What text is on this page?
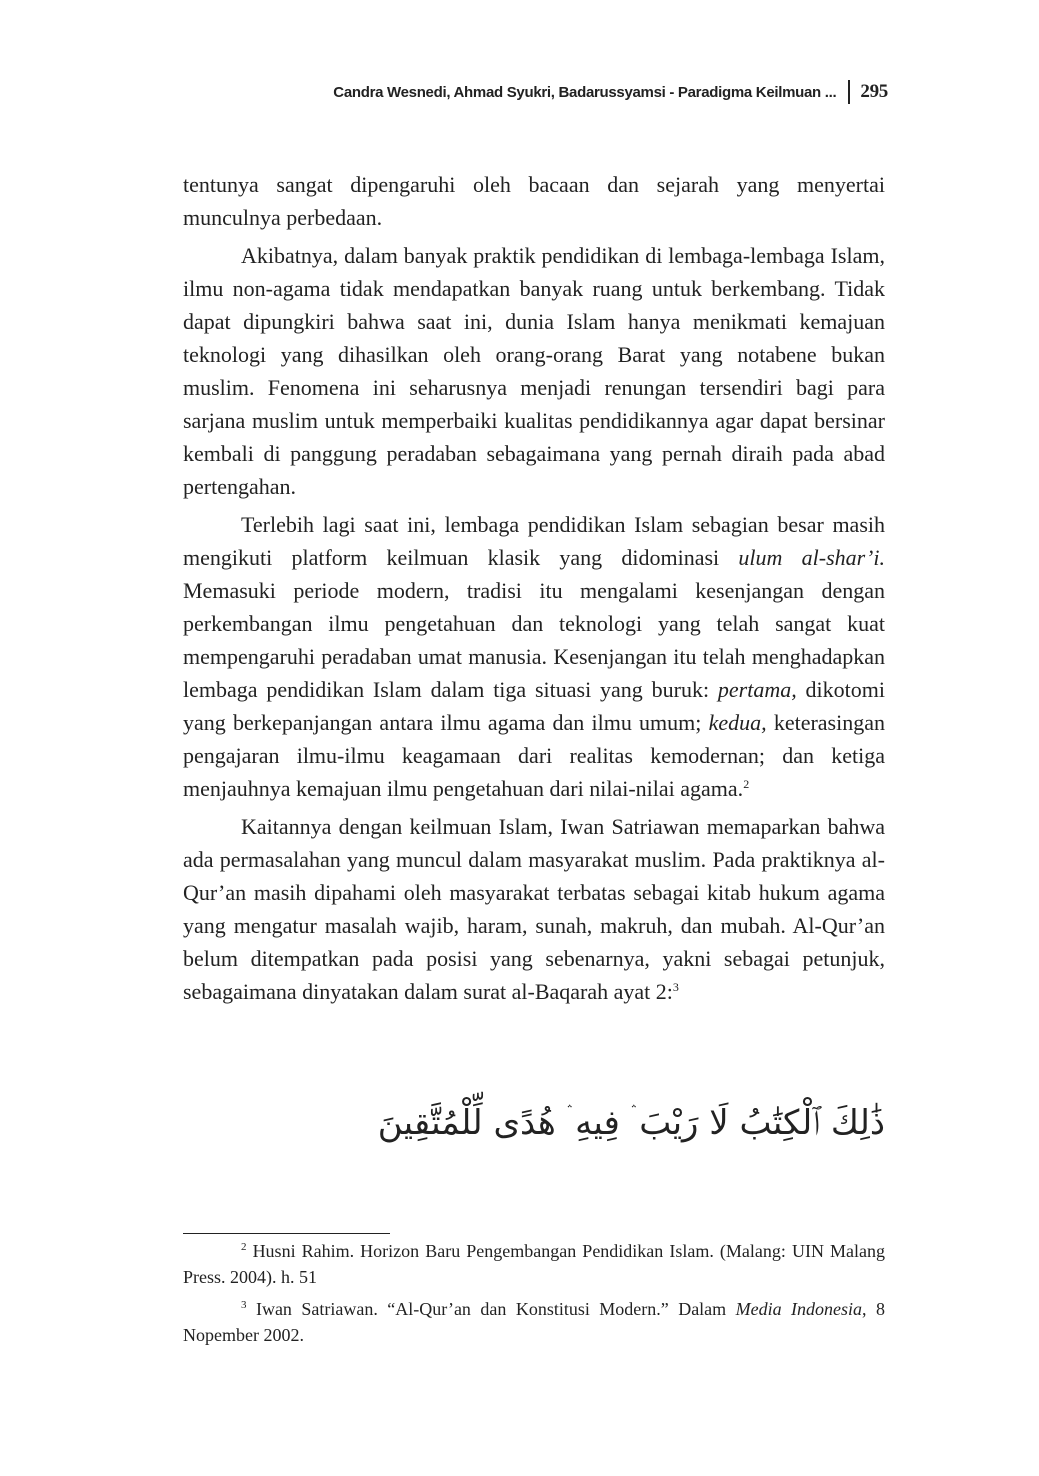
Candra Wesnedi, Ahmad Syukri, Badarussyamsi - Paradigma Keilmuan ... 295

tentunya sangat dipengaruhi oleh bacaan dan sejarah yang menyertai munculnya perbedaan.

Akibatnya, dalam banyak praktik pendidikan di lembaga-lembaga Islam, ilmu non-agama tidak mendapatkan banyak ruang untuk berkembang. Tidak dapat dipungkiri bahwa saat ini, dunia Islam hanya menikmati kemajuan teknologi yang dihasilkan oleh orang-orang Barat yang notabene bukan muslim. Fenomena ini seharusnya menjadi renungan tersendiri bagi para sarjana muslim untuk memperbaiki kualitas pendidikannya agar dapat bersinar kembali di panggung peradaban sebagaimana yang pernah diraih pada abad pertengahan.

Terlebih lagi saat ini, lembaga pendidikan Islam sebagian besar masih mengikuti platform keilmuan klasik yang didominasi ulum al-shar’i. Memasuki periode modern, tradisi itu mengalami kesenjangan dengan perkembangan ilmu pengetahuan dan teknologi yang telah sangat kuat mempengaruhi peradaban umat manusia. Kesenjangan itu telah menghadapkan lembaga pendidikan Islam dalam tiga situasi yang buruk: pertama, dikotomi yang berkepanjangan antara ilmu agama dan ilmu umum; kedua, keterasingan pengajaran ilmu-ilmu keagamaan dari realitas kemodernan; dan ketiga menjauhnya kemajuan ilmu pengetahuan dari nilai-nilai agama.$^2$

Kaitannya dengan keilmuan Islam, Iwan Satriawan memaparkan bahwa ada permasalahan yang muncul dalam masyarakat muslim. Pada praktiknya al-Qur’an masih dipahami oleh masyarakat terbatas sebagai kitab hukum agama yang mengatur masalah wajib, haram, sunah, makruh, dan mubah. Al-Qur’an belum ditempatkan pada posisi yang sebenarnya, yakni sebagai petunjuk, sebagaimana dinyatakan dalam surat al-Baqarah ayat 2:$^3$

ذَٰلِكَ ٱلْكِتَٰبُ لَا رَيْبَ ۛ فِيهِ ۛ هُدًى لِّلْمُتَّقِينَ

$^2$ Husni Rahim. Horizon Baru Pengembangan Pendidikan Islam. (Malang: UIN Malang Press. 2004). h. 51

$^3$ Iwan Satriawan. “Al-Qur’an dan Konstitusi Modern.” Dalam Media Indonesia, 8 Nopember 2002.
